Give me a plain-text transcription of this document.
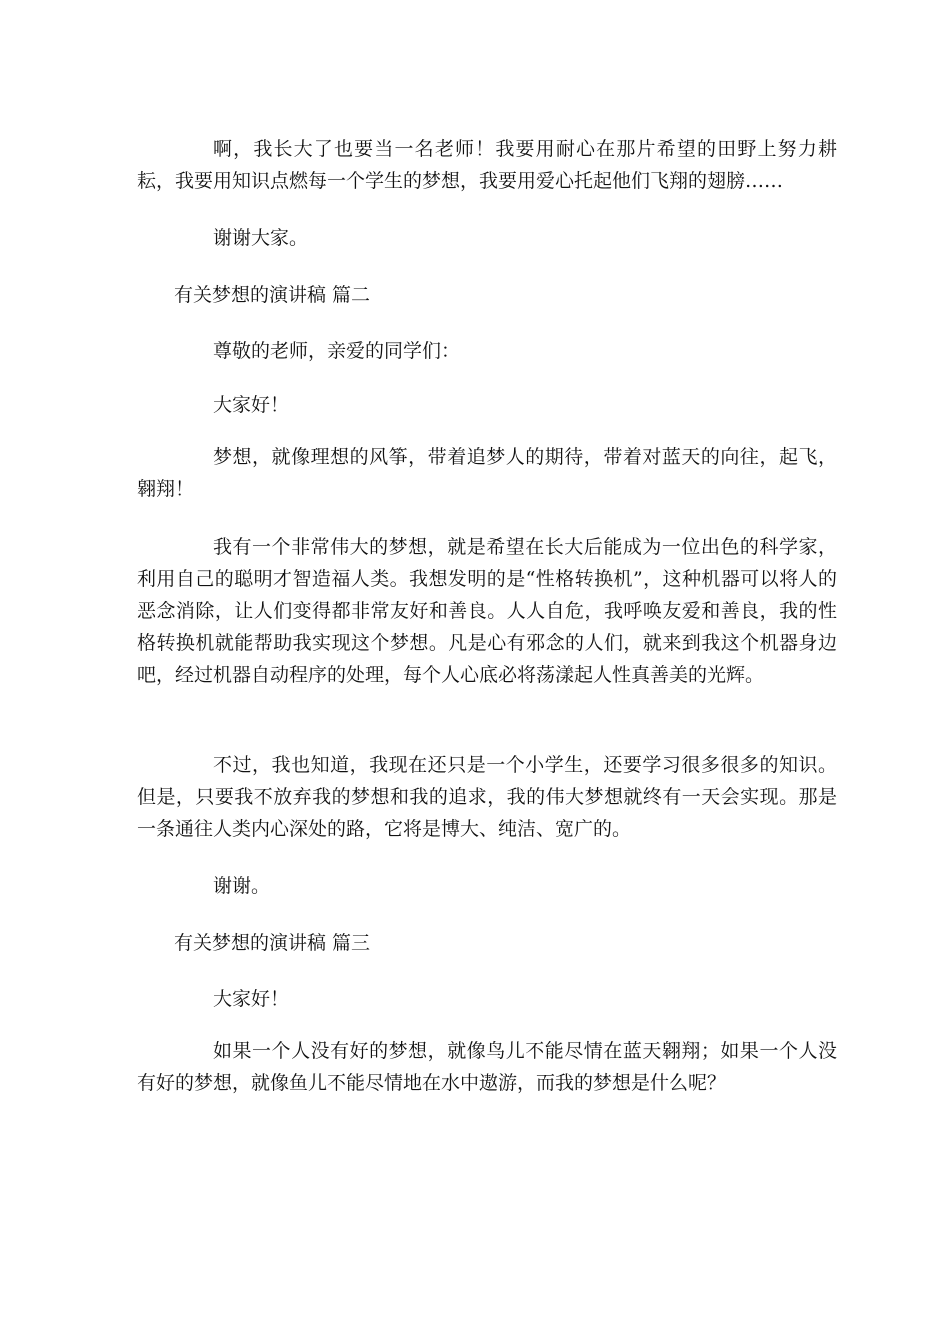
啊，我长大了也要当一名老师！我要用耐心在那片希望的田野上努力耕耘，我要用知识点燃每一个学生的梦想，我要用爱心托起他们飞翔的翅膀……

谢谢大家。

有关梦想的演讲稿 篇二

尊敬的老师，亲爱的同学们：

大家好！

梦想，就像理想的风筝，带着追梦人的期待，带着对蓝天的向往，起飞，翱翔！

我有一个非常伟大的梦想，就是希望在长大后能成为一位出色的科学家，利用自己的聪明才智造福人类。我想发明的是“性格转换机”，这种机器可以将人的恶念消除，让人们变得都非常友好和善良。人人自危，我呼唤友爱和善良，我的性格转换机就能帮助我实现这个梦想。凡是心有邪念的人们，就来到我这个机器身边吧，经过机器自动程序的处理，每个人心底必将荡漾起人性真善美的光辉。

不过，我也知道，我现在还只是一个小学生，还要学习很多很多的知识。但是，只要我不放弃我的梦想和我的追求，我的伟大梦想就终有一天会实现。那是一条通往人类内心深处的路，它将是博大、纯洁、宽广的。

谢谢。

有关梦想的演讲稿 篇三

大家好！

如果一个人没有好的梦想，就像鸟儿不能尽情在蓝天翱翔；如果一个人没有好的梦想，就像鱼儿不能尽情地在水中遨游，而我的梦想是什么呢？
